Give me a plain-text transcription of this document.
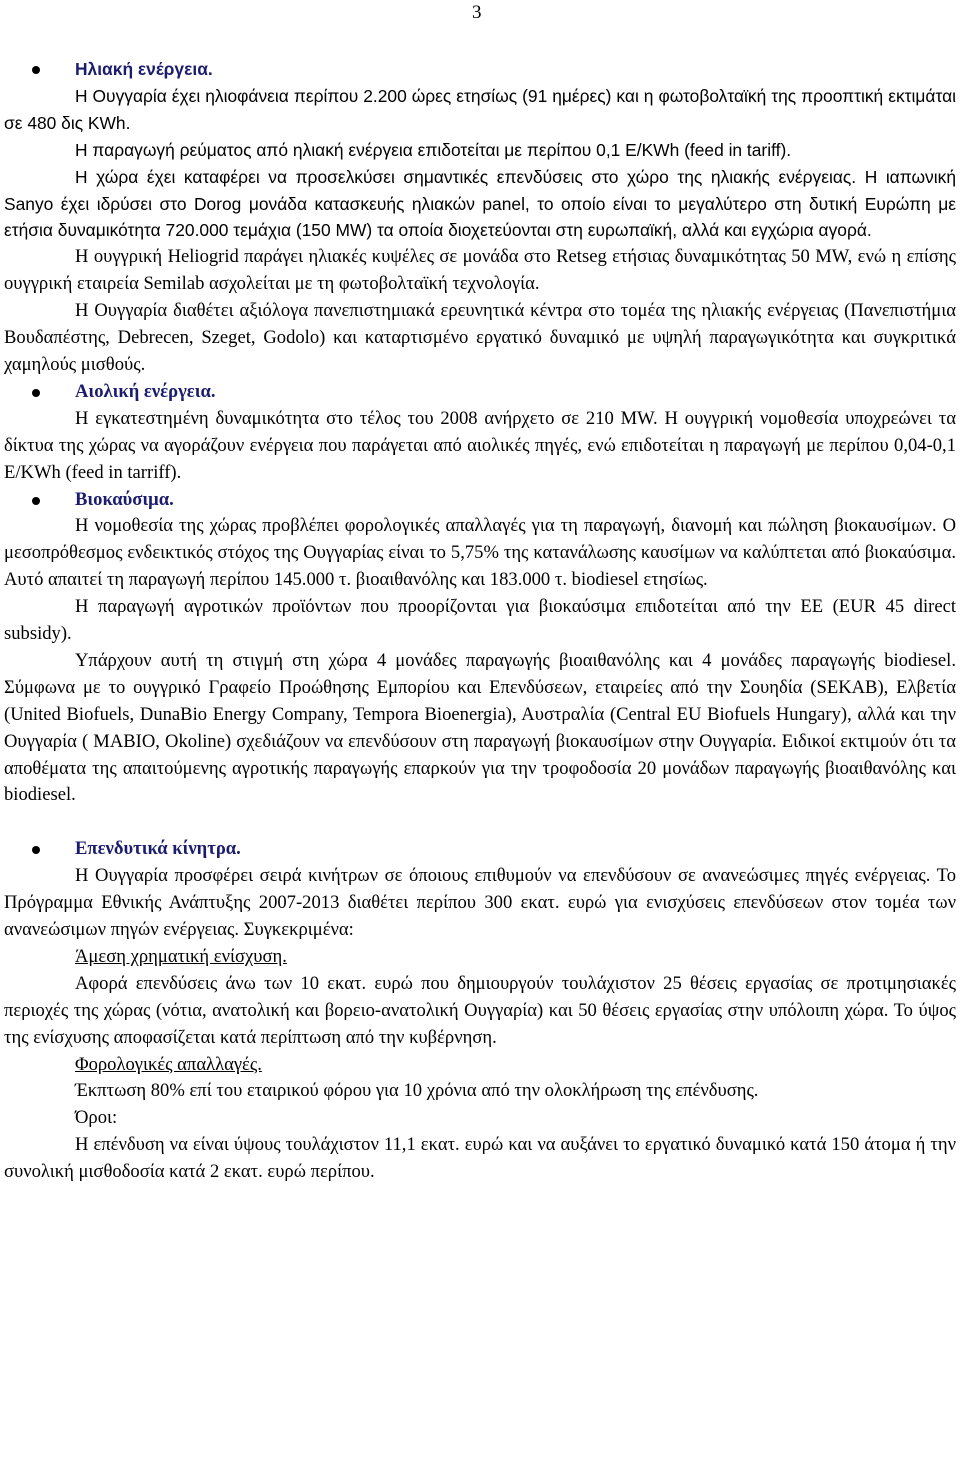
3

Ηλιακή ενέργεια.

Η Ουγγαρία έχει ηλιοφάνεια περίπου 2.200 ώρες ετησίως (91 ημέρες) και η φωτοβολταϊκή της προοπτική εκτιμάται σε 480 δις KWh.

Η παραγωγή ρεύματος από ηλιακή ενέργεια επιδοτείται με περίπου 0,1 E/KWh (feed in tariff).

Η χώρα έχει καταφέρει να προσελκύσει σημαντικές επενδύσεις στο χώρο της ηλιακής ενέργειας. Η ιαπωνική Sanyo έχει ιδρύσει στο Dorog μονάδα κατασκευής ηλιακών panel, το οποίο είναι το μεγαλύτερο στη δυτική Ευρώπη με ετήσια δυναμικότητα 720.000 τεμάχια (150 MW) τα οποία διοχετεύονται στη ευρωπαϊκή, αλλά και εγχώρια αγορά.

Η ουγγρική Heliogrid παράγει ηλιακές κυψέλες σε μονάδα στο Retseg ετήσιας δυναμικότητας 50 MW, ενώ η επίσης ουγγρική εταιρεία Semilab ασχολείται με τη φωτοβολταϊκή τεχνολογία.

Η Ουγγαρία διαθέτει αξιόλογα πανεπιστημιακά ερευνητικά κέντρα στο τομέα της ηλιακής ενέργειας (Πανεπιστήμια Βουδαπέστης, Debrecen, Szeget, Godolo) και καταρτισμένο εργατικό δυναμικό με υψηλή παραγωγικότητα και συγκριτικά χαμηλούς μισθούς.

Αιολική ενέργεια.

Η εγκατεστημένη δυναμικότητα στο τέλος του 2008 ανήρχετο σε 210 MW. Η ουγγρική νομοθεσία υποχρεώνει τα δίκτυα της χώρας να αγοράζουν ενέργεια που παράγεται από αιολικές πηγές, ενώ επιδοτείται η παραγωγή με περίπου 0,04-0,1 E/KWh (feed in tarriff).

Βιοκαύσιμα.

Η νομοθεσία της χώρας προβλέπει φορολογικές απαλλαγές για τη παραγωγή, διανομή και πώληση βιοκαυσίμων. Ο μεσοπρόθεσμος ενδεικτικός στόχος της Ουγγαρίας είναι το 5,75% της κατανάλωσης καυσίμων να καλύπτεται από βιοκαύσιμα. Αυτό απαιτεί τη παραγωγή περίπου 145.000 τ. βιοαιθανόλης και 183.000 τ. biodiesel ετησίως.

Η παραγωγή αγροτικών προϊόντων που προορίζονται για βιοκαύσιμα επιδοτείται από την ΕΕ (EUR 45 direct subsidy).

Υπάρχουν αυτή τη στιγμή στη χώρα 4 μονάδες παραγωγής βιοαιθανόλης και 4 μονάδες παραγωγής biodiesel. Σύμφωνα με το ουγγρικό Γραφείο Προώθησης Εμπορίου και Επενδύσεων, εταιρείες από την Σουηδία (SEKAB), Ελβετία (United Biofuels, DunaBio Energy Company, Tempora Bioenergia), Αυστραλία (Central EU Biofuels Hungary), αλλά και την Ουγγαρία ( MABIO, Okoline) σχεδιάζουν να επενδύσουν στη παραγωγή βιοκαυσίμων στην Ουγγαρία. Ειδικοί εκτιμούν ότι τα αποθέματα της απαιτούμενης αγροτικής παραγωγής επαρκούν για την τροφοδοσία 20 μονάδων παραγωγής βιοαιθανόλης και biodiesel.

Επενδυτικά κίνητρα.

Η Ουγγαρία προσφέρει σειρά κινήτρων σε όποιους επιθυμούν να επενδύσουν σε ανανεώσιμες πηγές ενέργειας. Το Πρόγραμμα Εθνικής Ανάπτυξης 2007-2013 διαθέτει περίπου 300 εκατ. ευρώ για ενισχύσεις επενδύσεων στον τομέα των ανανεώσιμων πηγών ενέργειας. Συγκεκριμένα:

Άμεση χρηματική ενίσχυση.

Αφορά επενδύσεις άνω των 10 εκατ. ευρώ που δημιουργούν τουλάχιστον 25 θέσεις εργασίας σε προτιμησιακές περιοχές της χώρας (νότια, ανατολική και βορειο-ανατολική Ουγγαρία) και 50 θέσεις εργασίας στην υπόλοιπη χώρα. Το ύψος της ενίσχυσης αποφασίζεται κατά περίπτωση από την κυβέρνηση.

Φορολογικές απαλλαγές.

Έκπτωση 80% επί του εταιρικού φόρου για 10 χρόνια από την ολοκλήρωση της επένδυσης.

Όροι:

Η επένδυση να είναι ύψους τουλάχιστον 11,1 εκατ. ευρώ και να αυξάνει το εργατικό δυναμικό κατά 150 άτομα ή την συνολική μισθοδοσία κατά 2 εκατ. ευρώ περίπου.
